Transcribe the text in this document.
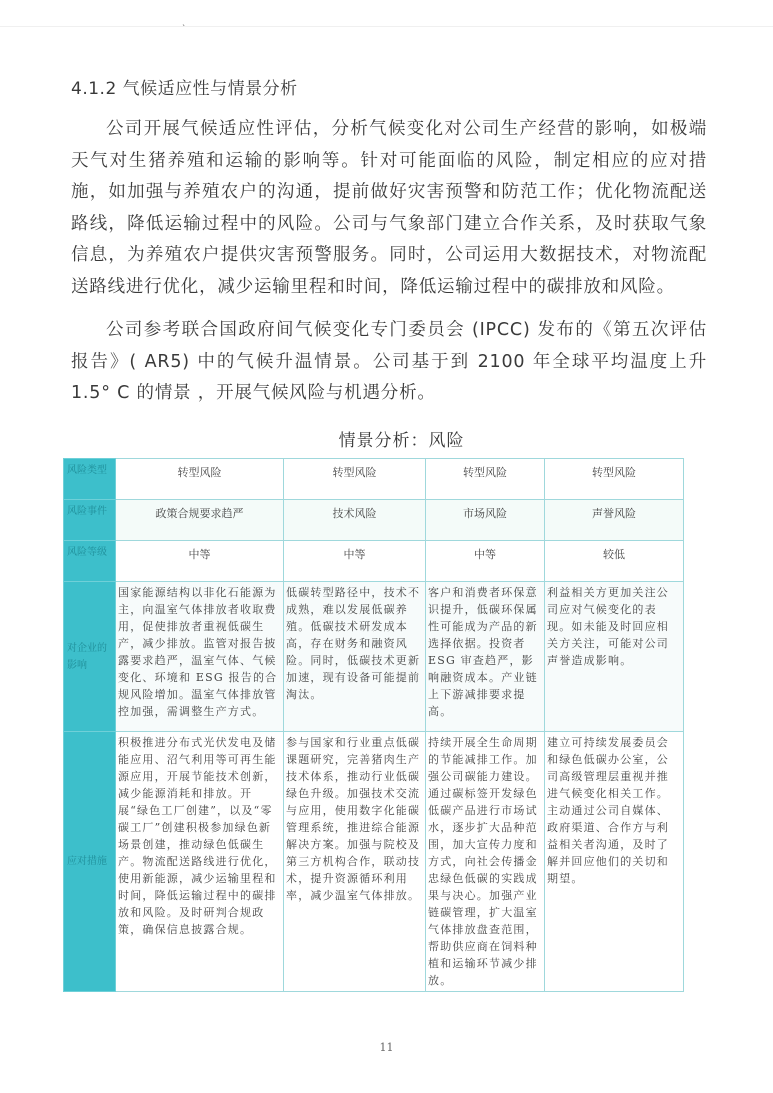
`
4.1.2 气候适应性与情景分析

公司开展气候适应性评估，分析气候变化对公司生产经营的影响，如极端天气对生猪养殖和运输的影响等。针对可能面临的风险，制定相应的应对措施，如加强与养殖农户的沟通，提前做好灾害预警和防范工作；优化物流配送路线，降低运输过程中的风险。公司与气象部门建立合作关系，及时获取气象信息，为养殖农户提供灾害预警服务。同时，公司运用大数据技术，对物流配送路线进行优化，减少运输里程和时间，降低运输过程中的碳排放和风险。

公司参考联合国政府间气候变化专门委员会 (IPCC) 发布的《第五次评估报告》( AR5) 中的气候升温情景。公司基于到 2100 年全球平均温度上升 1.5° C 的情景 ，开展气候风险与机遇分析。

情景分析：风险
风险类型	转型风险	转型风险	转型风险	转型风险
风险事件	政策合规要求趋严	技术风险	市场风险	声誉风险
风险等级	中等	中等	中等	较低
对企业的影响	国家能源结构以非化石能源为主，向温室气体排放者收取费用，促使排放者重视低碳生产，减少排放。监管对报告披露要求趋严，温室气体、气候变化、环境和 ESG 报告的合规风险增加。温室气体排放管控加强，需调整生产方式。	低碳转型路径中，技术不成熟，难以发展低碳养殖。低碳技术研发成本高，存在财务和融资风险。同时，低碳技术更新加速，现有设备可能提前淘汰。	客户和消费者环保意识提升，低碳环保属性可能成为产品的新选择依据。投资者 ESG 审查趋严，影响融资成本。产业链上下游减排要求提高。	利益相关方更加关注公司应对气候变化的表现。如未能及时回应相关方关注，可能对公司声誉造成影响。
应对措施	积极推进分布式光伏发电及储能应用、沼气利用等可再生能源应用，开展节能技术创新，减少能源消耗和排放。开展“绿色工厂创建”，以及“零碳工厂”创建积极参加绿色新场景创建，推动绿色低碳生产。物流配送路线进行优化，使用新能源，减少运输里程和时间，降低运输过程中的碳排放和风险。及时研判合规政策，确保信息披露合规。	参与国家和行业重点低碳课题研究，完善猪肉生产技术体系，推动行业低碳绿色升级。加强技术交流与应用，使用数字化能碳管理系统，推进综合能源解决方案。加强与院校及第三方机构合作，联动技术，提升资源循环利用率，减少温室气体排放。	持续开展全生命周期的节能减排工作。加强公司碳能力建设。通过碳标签开发绿色低碳产品进行市场试水，逐步扩大品种范围，加大宣传力度和方式，向社会传播金忠绿色低碳的实践成果与决心。加强产业链碳管理，扩大温室气体排放盘查范围，帮助供应商在饲料种植和运输环节减少排放。	建立可持续发展委员会和绿色低碳办公室，公司高级管理层重视并推进气候变化相关工作。主动通过公司自媒体、政府渠道、合作方与利益相关者沟通，及时了解并回应他们的关切和期望。
11
